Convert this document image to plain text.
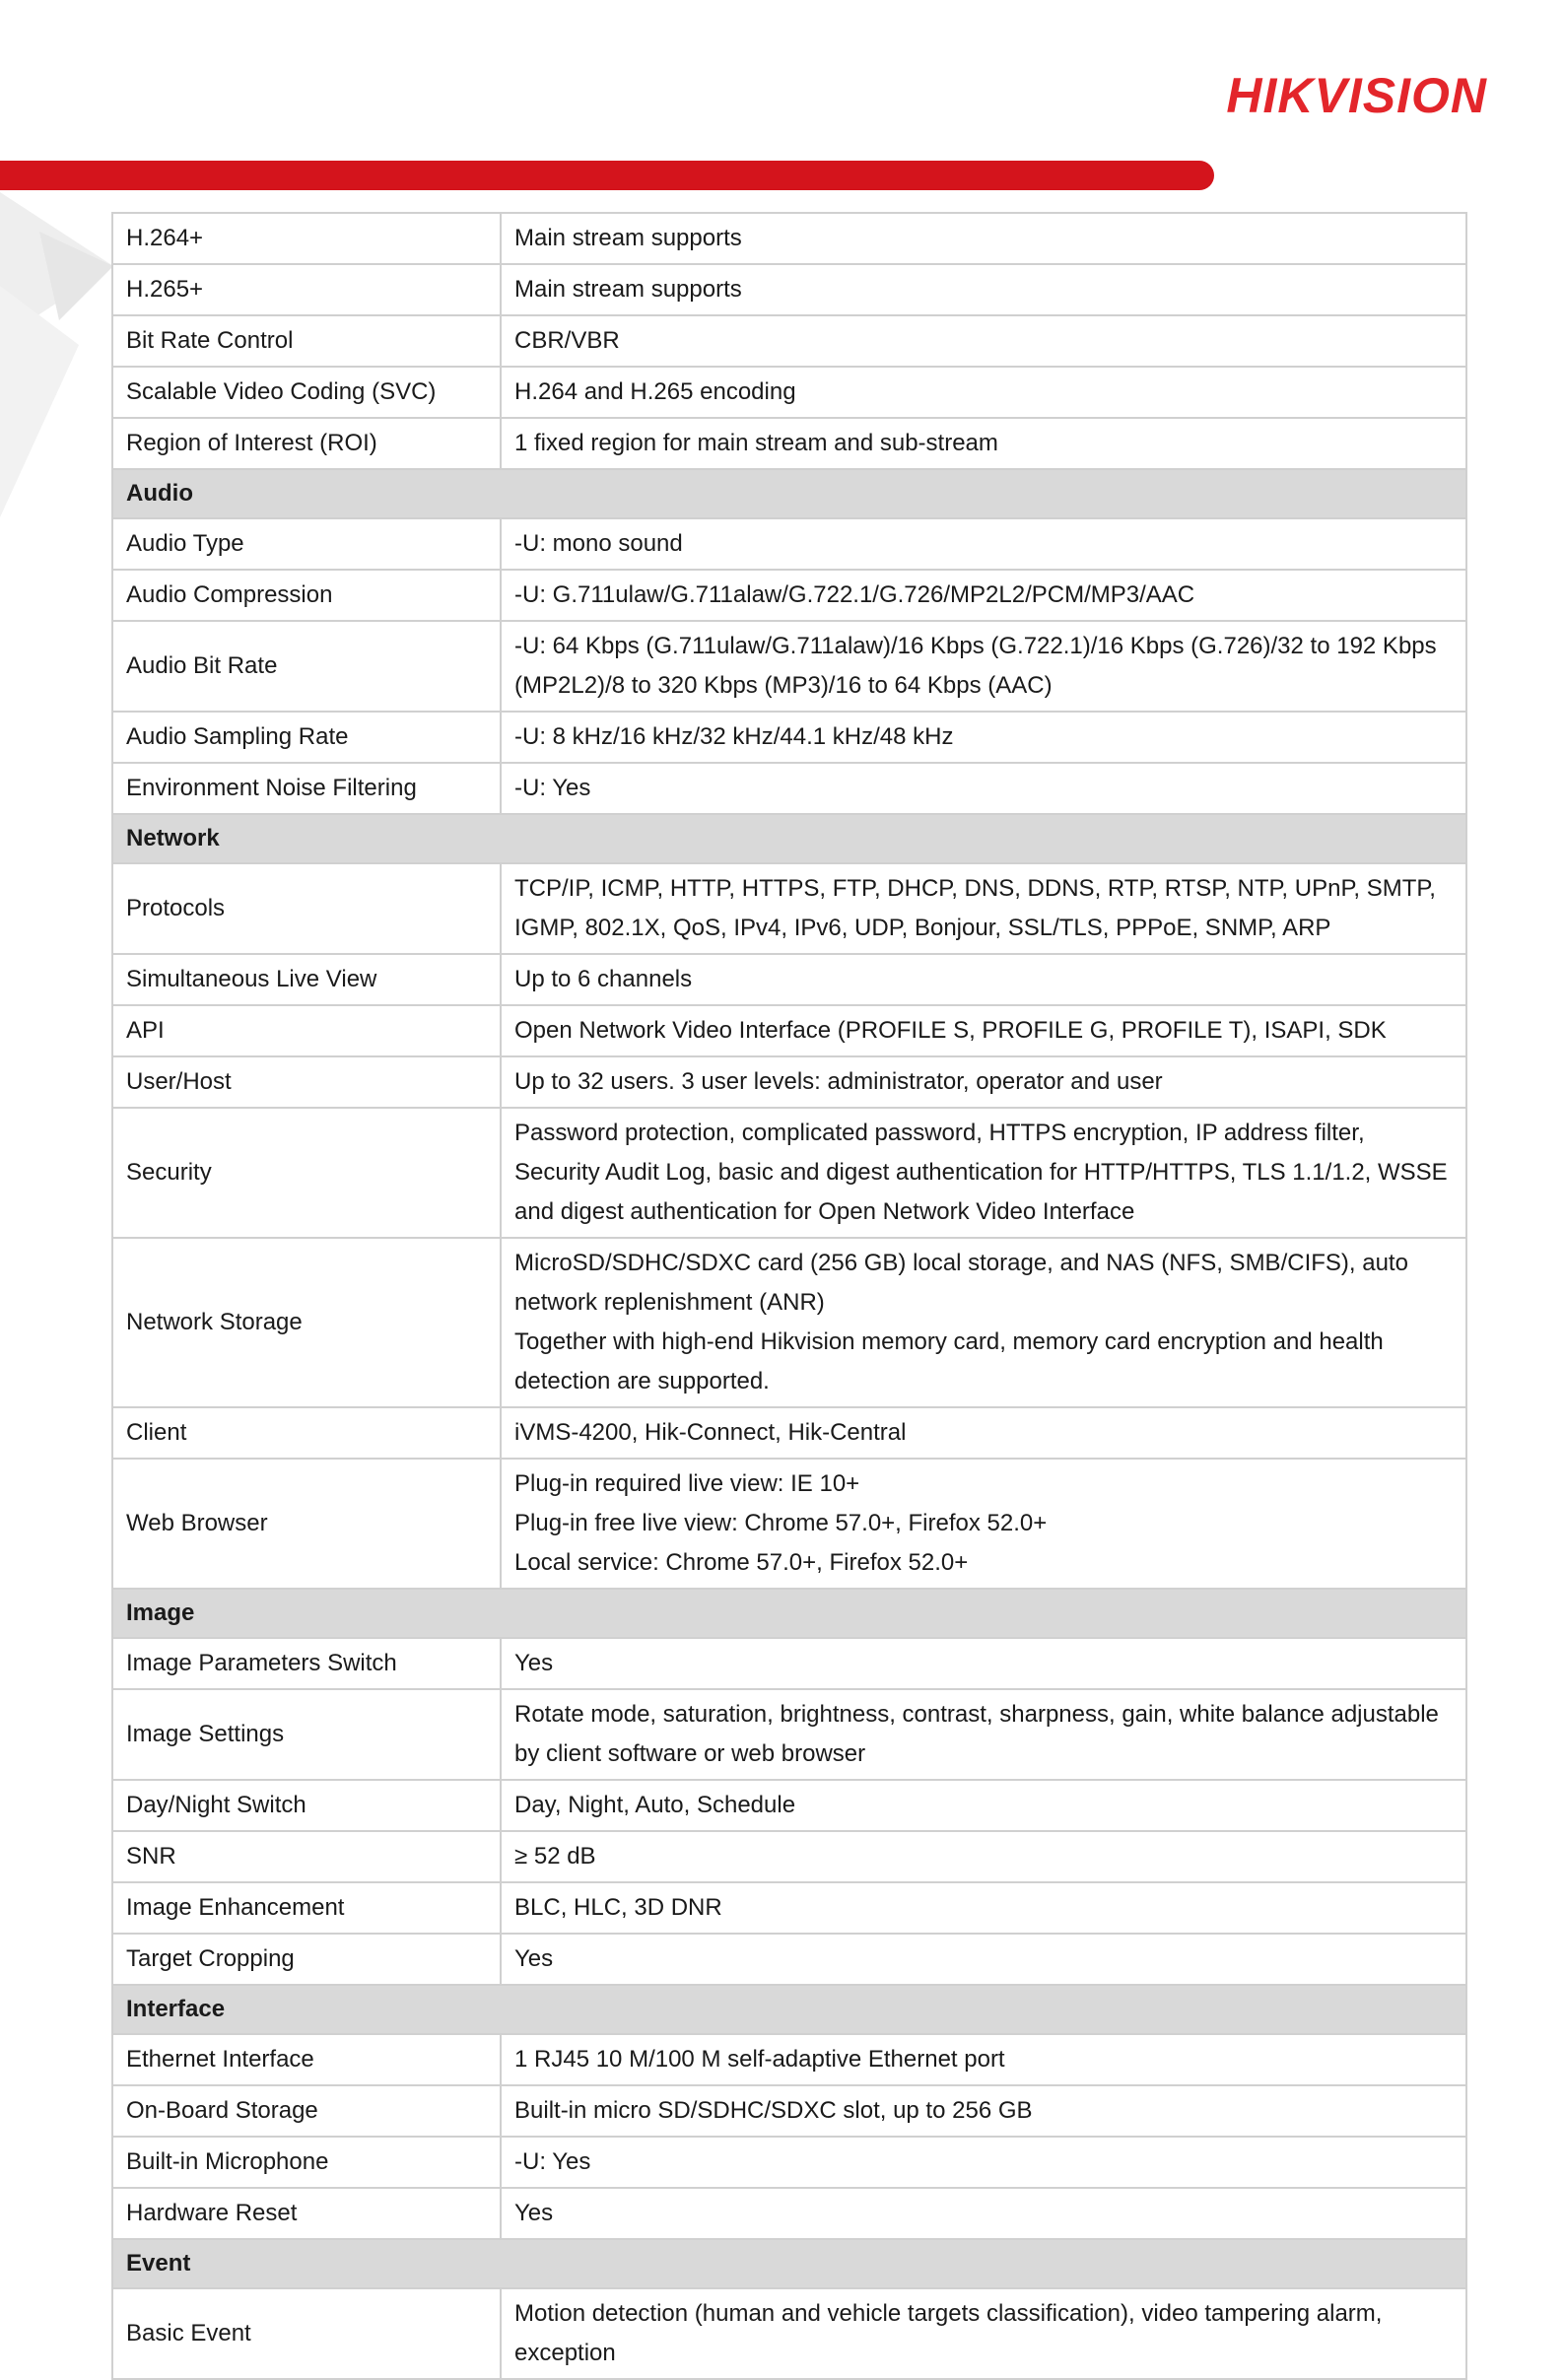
HIKVISION
H.264+	Main stream supports

H.265+	Main stream supports

Bit Rate Control	CBR/VBR

Scalable Video Coding (SVC)	H.264 and H.265 encoding

Region of Interest (ROI)	1 fixed region for main stream and sub-stream

Audio	
Audio Type	-U: mono sound

Audio Compression	-U: G.711ulaw/G.711alaw/G.722.1/G.726/MP2L2/PCM/MP3/AAC

Audio Bit Rate	-U: 64 Kbps (G.711ulaw/G.711alaw)/16 Kbps (G.722.1)/16 Kbps (G.726)/32 to 192 Kbps (MP2L2)/8 to 320 Kbps (MP3)/16 to 64 Kbps (AAC)

Audio Sampling Rate	-U: 8 kHz/16 kHz/32 kHz/44.1 kHz/48 kHz

Environment Noise Filtering	-U: Yes

Network	
Protocols	TCP/IP, ICMP, HTTP, HTTPS, FTP, DHCP, DNS, DDNS, RTP, RTSP, NTP, UPnP, SMTP, IGMP, 802.1X, QoS, IPv4, IPv6, UDP, Bonjour, SSL/TLS, PPPoE, SNMP, ARP

Simultaneous Live View	Up to 6 channels

API	Open Network Video Interface (PROFILE S, PROFILE G, PROFILE T), ISAPI, SDK

User/Host	Up to 32 users. 3 user levels: administrator, operator and user

Security	Password protection, complicated password, HTTPS encryption, IP address filter, Security Audit Log, basic and digest authentication for HTTP/HTTPS, TLS 1.1/1.2, WSSE and digest authentication for Open Network Video Interface

Network Storage	MicroSD/SDHC/SDXC card (256 GB) local storage, and NAS (NFS, SMB/CIFS), auto network replenishment (ANR)
Together with high-end Hikvision memory card, memory card encryption and health detection are supported.

Client	iVMS-4200, Hik-Connect, Hik-Central

Web Browser	Plug-in required live view: IE 10+
Plug-in free live view: Chrome 57.0+, Firefox 52.0+
Local service: Chrome 57.0+, Firefox 52.0+

Image	
Image Parameters Switch	Yes

Image Settings	Rotate mode, saturation, brightness, contrast, sharpness, gain, white balance adjustable by client software or web browser

Day/Night Switch	Day, Night, Auto, Schedule

SNR	≥ 52 dB

Image Enhancement	BLC, HLC, 3D DNR

Target Cropping	Yes

Interface	
Ethernet Interface	1 RJ45 10 M/100 M self-adaptive Ethernet port

On-Board Storage	Built-in micro SD/SDHC/SDXC slot, up to 256 GB

Built-in Microphone	-U: Yes

Hardware Reset	Yes

Event	
Basic Event	Motion detection (human and vehicle targets classification), video tampering alarm, exception
